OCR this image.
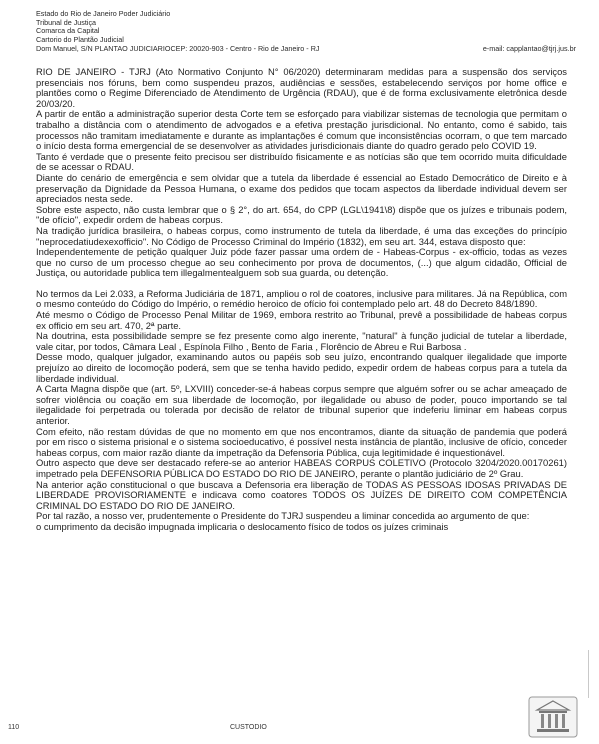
Estado do Rio de Janeiro Poder Judiciário
Tribunal de Justiça
Comarca da Capital
Cartorio do Plantão Judicial
Dom Manuel, S/N PLANTAO JUDICIARIOCEP: 20020-903 - Centro - Rio de Janeiro - RJ	e-mail: capplantao@tjrj.jus.br

RIO DE JANEIRO - TJRJ (Ato Normativo Conjunto N° 06/2020) determinaram medidas para a suspensão dos serviços presenciais nos fóruns, bem como suspendeu prazos, audiências e sessões, estabelecendo serviços por home office e plantões como o Regime Diferenciado de Atendimento de Urgência (RDAU), que é de forma exclusivamente eletrônica desde 20/03/20.

A partir de então a administração superior desta Corte tem se esforçado para viabilizar sistemas de tecnologia que permitam o trabalho a distância com o atendimento de advogados e a efetiva prestação jurisdicional. No entanto, como é sabido, tais processos não tramitam imediatamente e durante as implantações é comum que inconsistências ocorram, o que tem marcado o início desta forma emergencial de se desenvolver as atividades jurisdicionais diante do quadro gerado pelo COVID 19.

Tanto é verdade que o presente feito precisou ser distribuído fisicamente e as notícias são que tem ocorrido muita dificuldade de se acessar o RDAU.

Diante do cenário de emergência e sem olvidar que a tutela da liberdade é essencial ao Estado Democrático de Direito e à preservação da Dignidade da Pessoa Humana, o exame dos pedidos que tocam aspectos da liberdade individual devem ser apreciados nesta sede.

Sobre este aspecto, não custa lembrar que o § 2°, do art. 654, do CPP (LGL\1941\8) dispõe que os juízes e tribunais podem, "de ofício", expedir ordem de habeas corpus.

Na tradição jurídica brasileira, o habeas corpus, como instrumento de tutela da liberdade, é uma das exceções do princípio "neprocedatiudexexofficio". No Código de Processo Criminal do Império (1832), em seu art. 344, estava disposto que:

Independentemente de petição qualquer Juiz póde fazer passar uma ordem de - Habeas-Corpus - ex-officio, todas as vezes que no curso de um processo chegue ao seu conhecimento por prova de documentos, (...) que algum cidadão, Official de Justiça, ou autoridade publica tem illegalmentealguem sob sua guarda, ou detenção.

No termos da Lei 2.033, a Reforma Judiciária de 1871, ampliou o rol de coatores, inclusive para militares. Já na República, com o mesmo conteúdo do Código do Império, o remédio heroico de ofício foi contemplado pelo art. 48 do Decreto 848/1890.

Até mesmo o Código de Processo Penal Militar de 1969, embora restrito ao Tribunal, prevê a possibilidade de habeas corpus ex officio em seu art. 470, 2ª parte.

Na doutrina, esta possibilidade sempre se fez presente como algo inerente, "natural" à função judicial de tutelar a liberdade, vale citar, por todos, Câmara Leal , Espínola Filho , Bento de Faria , Florêncio de Abreu e Rui Barbosa .

Desse modo, qualquer julgador, examinando autos ou papéis sob seu juízo, encontrando qualquer ilegalidade que importe prejuízo ao direito de locomoção poderá, sem que se tenha havido pedido, expedir ordem de habeas corpus para a tutela da liberdade individual.

A Carta Magna dispõe que (art. 5º, LXVIII) conceder-se-á habeas corpus sempre que alguém sofrer ou se achar ameaçado de sofrer violência ou coação em sua liberdade de locomoção, por ilegalidade ou abuso de poder, pouco importando se tal ilegalidade foi perpetrada ou tolerada por decisão de relator de tribunal superior que indeferiu liminar em habeas corpus anterior.

Com efeito, não restam dúvidas de que no momento em que nos encontramos, diante da situação de pandemia que poderá por em risco o sistema prisional e o sistema socioeducativo, é possível nesta instância de plantão, inclusive de ofício, conceder habeas corpus, com maior razão diante da impetração da Defensoria Pública, cuja legitimidade é inquestionável.

Outro aspecto que deve ser destacado refere-se ao anterior HABEAS CORPUS COLETIVO (Protocolo 3204/2020.00170261) impetrado pela DEFENSORIA PÚBLICA DO ESTADO DO RIO DE JANEIRO, perante o plantão judiciário de 2º Grau.

Na anterior ação constitucional o que buscava a Defensoria era liberação de TODAS AS PESSOAS IDOSAS PRIVADAS DE LIBERDADE PROVISORIAMENTE e indicava como coatores TODOS OS JUÍZES DE DIREITO COM COMPETÊNCIA CRIMINAL DO ESTADO DO RIO DE JANEIRO.

Por tal razão, a nosso ver, prudentemente o Presidente do TJRJ suspendeu a liminar concedida ao argumento de que:

o cumprimento da decisão impugnada implicaria o deslocamento físico de todos os juízes criminais

110	CUSTODIO
